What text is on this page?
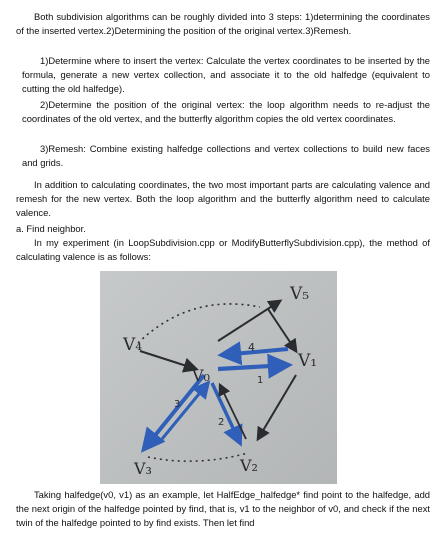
Both subdivision algorithms can be roughly divided into 3 steps: 1)determining the coordinates of the inserted vertex.2)Determining the position of the original vertex.3)Remesh.

1)Determine where to insert the vertex: Calculate the vertex coordinates to be inserted by the formula, generate a new vertex collection, and associate it to the old halfedge (equivalent to cutting the old halfedge).

2)Determine the position of the original vertex: the loop algorithm needs to re-adjust the coordinates of the old vertex, and the butterfly algorithm copies the old vertex coordinates.

3)Remesh: Combine existing halfedge collections and vertex collections to build new faces and grids.

In addition to calculating coordinates, the two most important parts are calculating valence and remesh for the new vertex. Both the loop algorithm and the butterfly algorithm need to calculate valence.

a. Find neighbor.

In my experiment (in LoopSubdivision.cpp or ModifyButterflySubdivision.cpp), the method of calculating valence is as follows:

V₄
V₀
V₁
V₅
V₃	V₂
4
1
3
2

Taking halfedge(v0, v1) as an example, let HalfEdge_halfedge* find point to the halfedge, add the next origin of the halfedge pointed by find, that is, v1 to the neighbor of v0, and check if the next twin of the halfedge pointed to by find exists. Then let find
